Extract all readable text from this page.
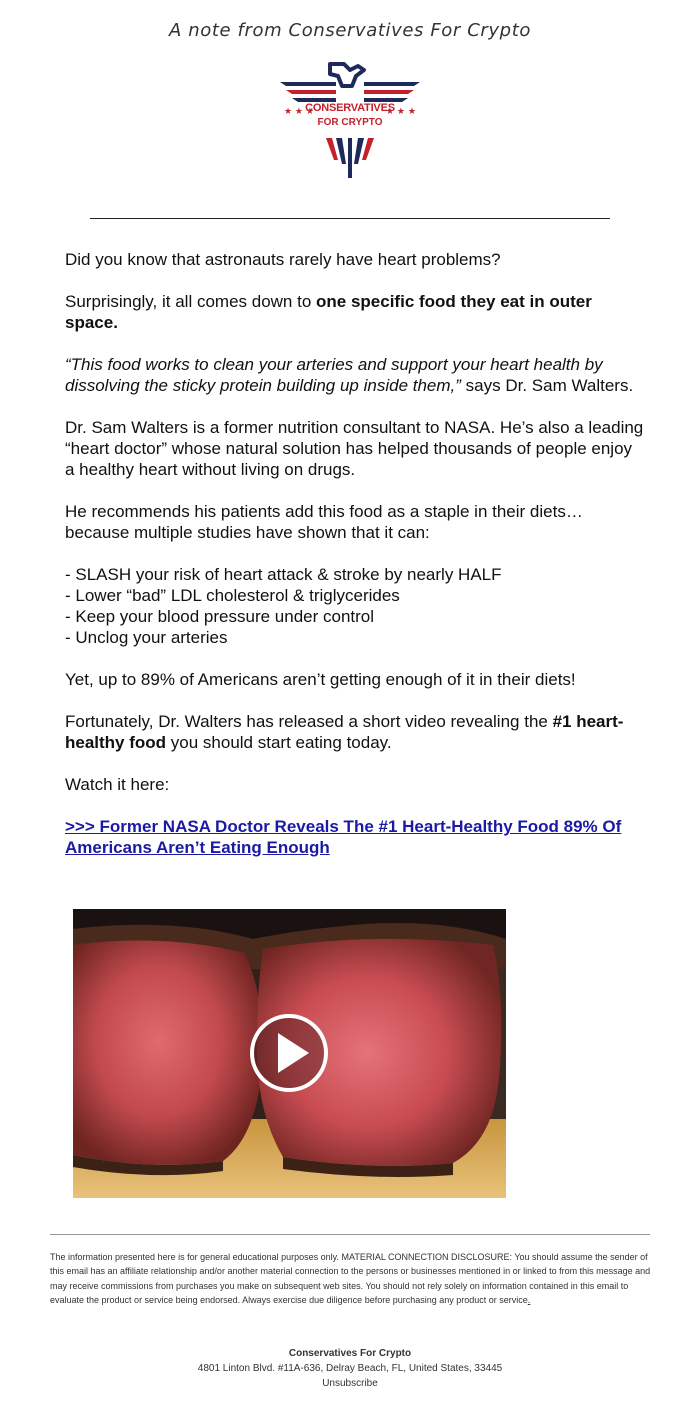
A note from Conservatives For Crypto
★ ★ ★	★ ★ ★
CONSERVATIVES
FOR CRYPTO

Did you know that astronauts rarely have heart problems?

Surprisingly, it all comes down to one specific food they eat in outer space.

“This food works to clean your arteries and support your heart health by dissolving the sticky protein building up inside them,” says Dr. Sam Walters.

Dr. Sam Walters is a former nutrition consultant to NASA. He’s also a leading “heart doctor” whose natural solution has helped thousands of people enjoy a healthy heart without living on drugs.

He recommends his patients add this food as a staple in their diets… because multiple studies have shown that it can:

- SLASH your risk of heart attack & stroke by nearly HALF
- Lower “bad” LDL cholesterol & triglycerides
- Keep your blood pressure under control
- Unclog your arteries

Yet, up to 89% of Americans aren’t getting enough of it in their diets!

Fortunately, Dr. Walters has released a short video revealing the #1 heart-healthy food you should start eating today.

Watch it here:

>>> Former NASA Doctor Reveals The #1 Heart-Healthy Food 89% Of Americans Aren’t Eating Enough

The information presented here is for general educational purposes only. MATERIAL CONNECTION DISCLOSURE: You should assume the sender of this email has an affiliate relationship and/or another material connection to the persons or businesses mentioned in or linked to from this message and may receive commissions from purchases you make on subsequent web sites. You should not rely solely on information contained in this email to evaluate the product or service being endorsed. Always exercise due diligence before purchasing any product or service.
Conservatives For Crypto
4801 Linton Blvd. #11A-636, Delray Beach, FL, United States, 33445
Unsubscribe
